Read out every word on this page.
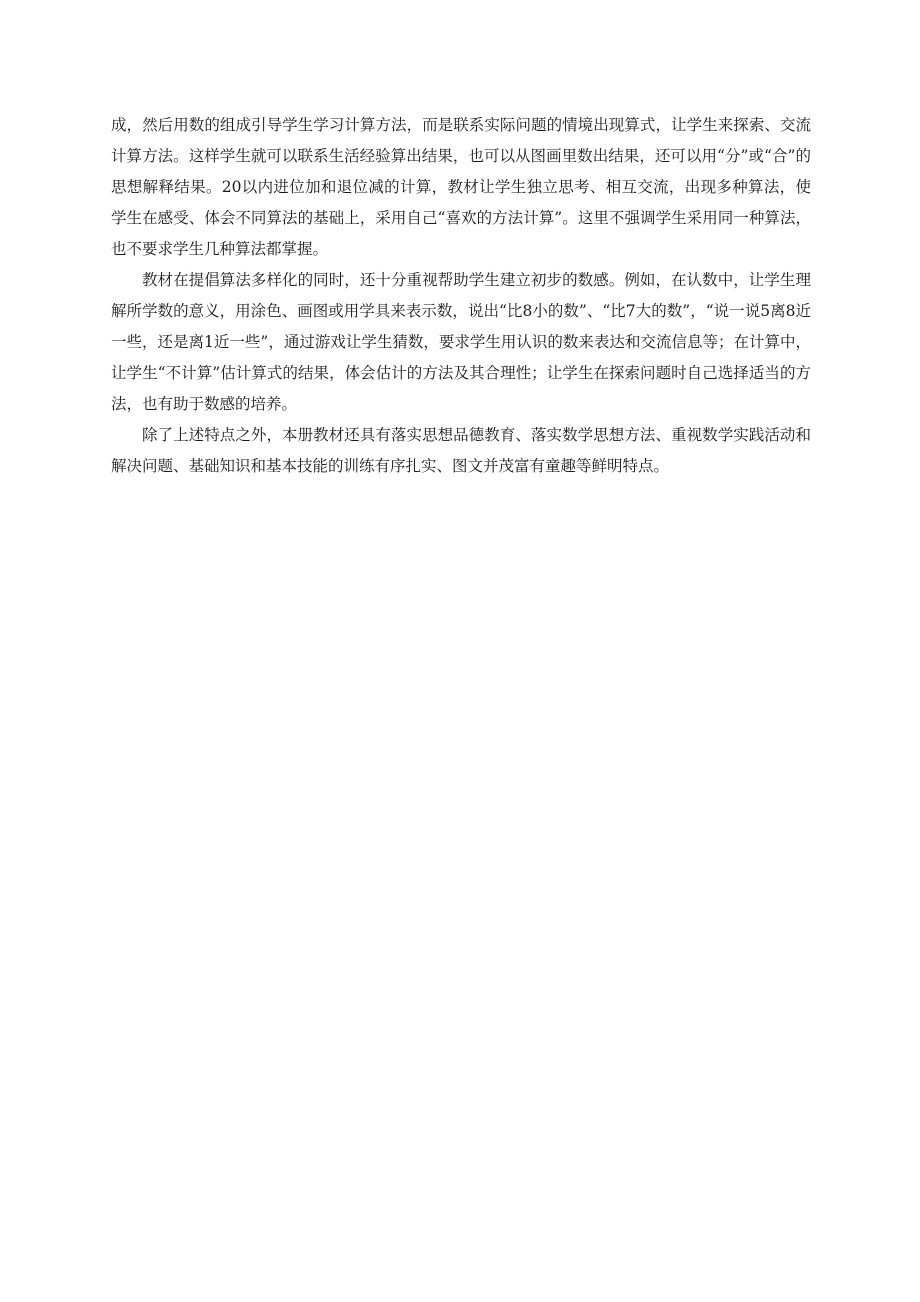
成，然后用数的组成引导学生学习计算方法，而是联系实际问题的情境出现算式，让学生来探索、交流计算方法。这样学生就可以联系生活经验算出结果，也可以从图画里数出结果，还可以用“分”或“合”的思想解释结果。20以内进位加和退位减的计算，教材让学生独立思考、相互交流，出现多种算法，使学生在感受、体会不同算法的基础上，采用自己“喜欢的方法计算”。这里不强调学生采用同一种算法，也不要求学生几种算法都掌握。

教材在提倡算法多样化的同时，还十分重视帮助学生建立初步的数感。例如，在认数中，让学生理解所学数的意义，用涂色、画图或用学具来表示数，说出“比8小的数”、“比7大的数”，“说一说5离8近一些，还是离1近一些”，通过游戏让学生猜数，要求学生用认识的数来表达和交流信息等；在计算中，让学生“不计算”估计算式的结果，体会估计的方法及其合理性；让学生在探索问题时自己选择适当的方法，也有助于数感的培养。

除了上述特点之外，本册教材还具有落实思想品德教育、落实数学思想方法、重视数学实践活动和解决问题、基础知识和基本技能的训练有序扎实、图文并茂富有童趣等鲜明特点。
